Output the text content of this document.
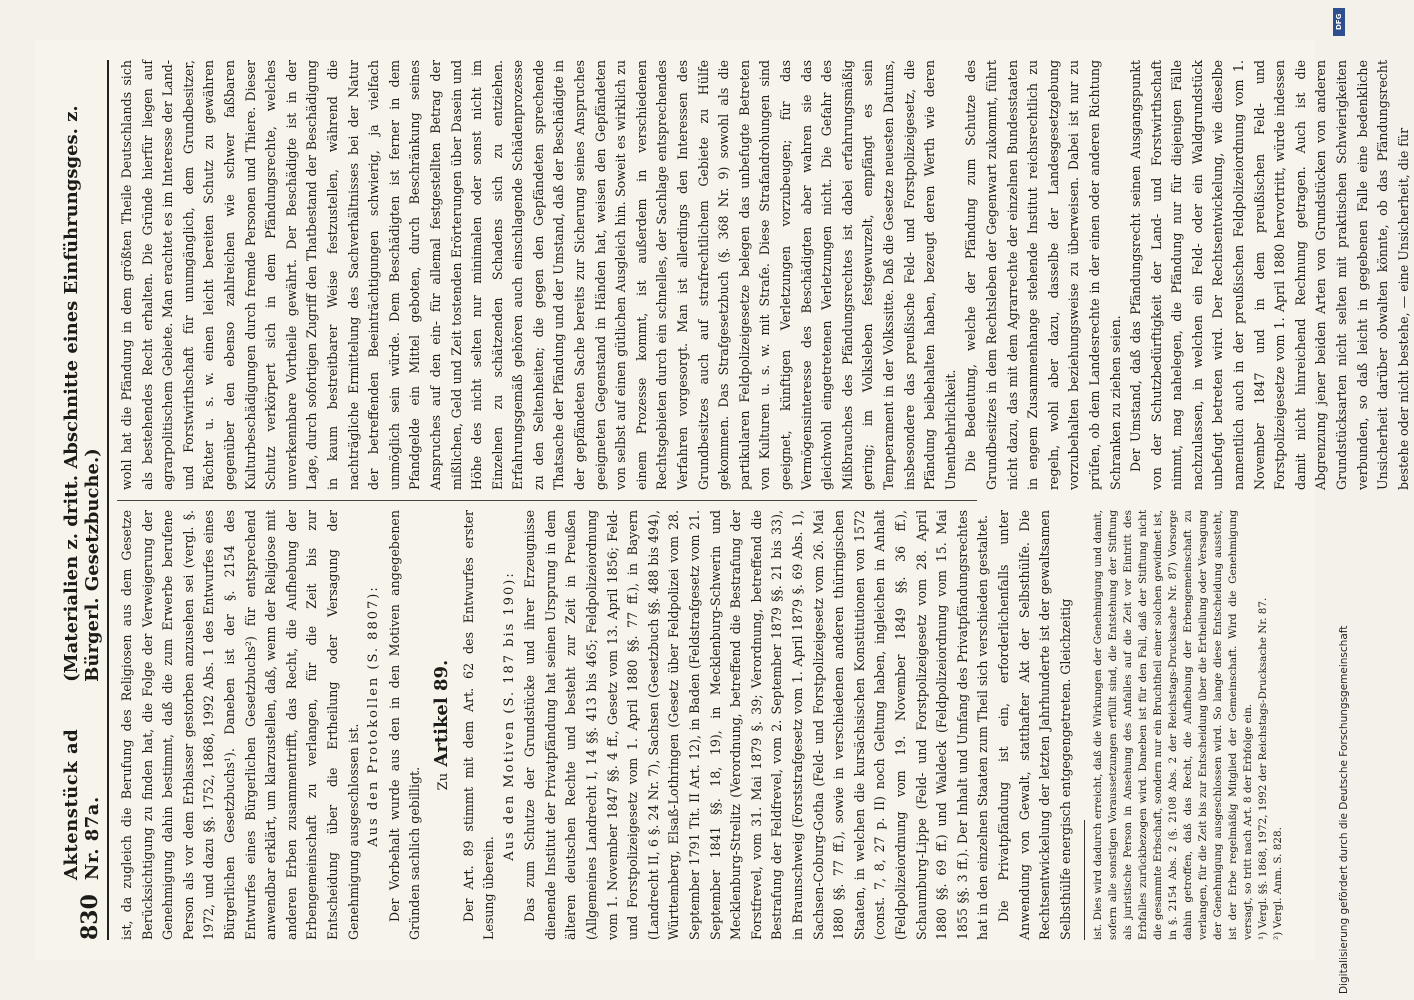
830
Aktenstück ad Nr. 87a.
(Materialien z. dritt. Abschnitte eines Einführungsges. z. Bürgerl. Gesetzbuche.) ist, da zugleich die Berufung des Religiosen aus dem Gesetze Berücksichtigung zu finden hat, die Folge der Verweigerung der Genehmigung dahin bestimmt, daß die zum Erwerbe berufene Person als vor dem Erblasser gestorben anzusehen sei (vergl. §. 1972, und dazu §§. 1752, 1868, 1992 Abs. 1 des Entwurfes eines Bürgerlichen Gesetzbuchs¹). Daneben ist der §. 2154 des Entwurfes eines Bürgerlichen Gesetzbuchs²) für entsprechend anwendbar erklärt, um klarzustellen, daß, wenn der Religiose mit anderen Erben zusammentrifft, das Recht, die Aufhebung der Erbengemeinschaft zu verlangen, für die Zeit bis zur Entscheidung über die Ertheilung oder Versagung der Genehmigung ausgeschlossen ist. Aus den Protokollen (S. 8807): Der Vorbehalt wurde aus den in den Motiven angegebenen Gründen sachlich gebilligt.	Zu Artikel 89. Der Art. 89 stimmt mit dem Art. 62 des Entwurfes erster Lesung überein.

Aus den Motiven (S. 187 bis 190): Das zum Schutze der Grundstücke und ihrer Erzeugnisse dienende Institut der Privatpfändung hat seinen Ursprung in dem älteren deutschen Rechte und besteht zur Zeit in Preußen (Allgemeines Landrecht I, 14 §§. 413 bis 465; Feldpolizeiordnung vom 1. November 1847 §§. 4 ff., Gesetz vom 13. April 1856; Feld- und Forstpolizeigesetz vom 1. April 1880 §§. 77 ff.), in Bayern (Landrecht II, 6 §. 24 Nr. 7), Sachsen (Gesetzbuch §§. 488 bis 494), Württemberg, Elsaß-Lothringen (Gesetz über Feldpolizei vom 28. September 1791 Tit. II Art. 12), in Baden (Feldstrafgesetz vom 21. September 1841 §§. 18, 19), in Mecklenburg-Schwerin und Mecklenburg-Strelitz (Verordnung, betreffend die Bestrafung der Forstfrevel, vom 31. Mai 1879 §. 39; Verordnung, betreffend die Bestrafung der Feldfrevel, vom 2. September 1879 §§. 21 bis 33), in Braunschweig (Forststrafgesetz vom 1. April 1879 §. 69 Abs. 1), Sachsen-Coburg-Gotha (Feld- und Forstpolizeigesetz vom 26. Mai 1880 §§. 77 ff.), sowie in verschiedenen anderen thüringischen Staaten, in welchen die kursächsischen Konstitutionen von 1572 (const. 7, 8, 27 p. II) noch Geltung haben, ingleichen in Anhalt (Feldpolizeiordnung vom 19. November 1849 §§. 36 ff.), Schaumburg-Lippe (Feld- und Forstpolizeigesetz vom 28. April 1880 §§. 69 ff.) und Waldeck (Feldpolizeiordnung vom 15. Mai 1855 §§. 3 ff.). Der Inhalt und Umfang des Privatpfändungsrechtes hat in den einzelnen Staaten zum Theil sich verschieden gestaltet. Die Privatpfändung ist ein, erforderlichenfalls unter Anwendung von Gewalt, statthafter Akt der Selbsthülfe. Die Rechtsentwickelung der letzten Jahrhunderte ist der gewaltsamen Selbsthülfe energisch entgegengetreten. Gleichzeitig	ist. Dies wird dadurch erreicht, daß die Wirkungen der Genehmigung und damit, sofern alle sonstigen Voraussetzungen erfüllt sind, die Entstehung der Stiftung als juristische Person in Ansehung des Anfalles auf die Zeit vor Eintritt des Erbfalles zurückbezogen wird. Daneben ist für den Fall, daß der Stiftung nicht die gesammte Erbschaft, sondern nur ein Bruchtheil einer solchen gewidmet ist, in §. 2154 Abs. 2 (§. 2108 Abs. 2 der Reichstags-Drucksache Nr. 87) Vorsorge dahin getroffen, daß das Recht, die Aufhebung der Erbengemeinschaft zu verlangen, für die Zeit bis zur Entscheidung über die Ertheilung oder Versagung der Genehmigung ausgeschlossen wird. So lange diese Entscheidung aussteht, ist der Erbe regelmäßig Mitglied der Gemeinschaft. Wird die Genehmigung versagt, so tritt nach Art. 8 der Erbfolge ein. ¹) Vergl. §§. 1868, 1972, 1992 der Reichstags-Drucksache Nr. 87. ²) Vergl. Anm. S. 828.

wohl hat die Pfändung in dem größten Theile Deutschlands sich als bestehendes Recht erhalten. Die Gründe hierfür liegen auf agrarpolitischem Gebiete. Man erachtet es im Interesse der Land- und Forstwirthschaft für unumgänglich, dem Grundbesitzer, Pächter u. s. w. einen leicht bereiten Schutz zu gewähren gegenüber den ebenso zahlreichen wie schwer faßbaren Kulturbeschädigungen durch fremde Personen und Thiere. Dieser Schutz verkörpert sich in dem Pfändungsrechte, welches unverkennbare Vortheile gewährt. Der Beschädigte ist in der Lage, durch sofortigen Zugriff den Thatbestand der Beschädigung in kaum bestreitbarer Weise festzustellen, während die nachträgliche Ermittelung des Sachverhältnisses bei der Natur der betreffenden Beeinträchtigungen schwierig, ja vielfach unmöglich sein würde. Dem Beschädigten ist ferner in dem Pfandgelde ein Mittel geboten, durch Beschränkung seines Anspruches auf den ein- für allemal festgestellten Betrag der mißlichen, Geld und Zeit tostenden Erörterungen über Dasein und Höhe des nicht selten nur minimalen oder sonst nicht im Einzelnen zu schätzenden Schadens sich zu entziehen. Erfahrungsgemäß gehören auch einschlagende Schädenprozesse zu den Seltenheiten; die gegen den Gepfändeten sprechende Thatsache der Pfändung und der Umstand, daß der Beschädigte in der gepfändeten Sache bereits zur Sicherung seines Anspruches geeigneten Gegenstand in Händen hat, weisen den Gepfändeten von selbst auf einen gütlichen Ausgleich hin. Soweit es wirklich zu einem Prozesse kommt, ist außerdem in verschiedenen Rechtsgebieten durch ein schnelles, der Sachlage entsprechendes Verfahren vorgesorgt. Man ist allerdings den Interessen des Grundbesitzes auch auf strafrechtlichem Gebiete zu Hülfe gekommen. Das Strafgesetzbuch (§. 368 Nr. 9) sowohl als die partikularen Feldpolizeigesetze belegen das unbefugte Betreten von Kulturen u. s. w. mit Strafe. Diese Strafandrohungen sind geeignet, künftigen Verletzungen vorzubeugen; für das Vermögensinteresse des Beschädigten aber wahren sie das gleichwohl eingetretenen Verletzungen nicht. Die Gefahr des Mißbrauches des Pfändungsrechtes ist dabei erfahrungsmäßig gering; im Volksleben festgewurzelt, empfängt es sein Temperament in der Volkssitte. Daß die Gesetze neuesten Datums, insbesondere das preußische Feld- und Forstpolizeigesetz, die Pfändung beibehalten haben, bezeugt deren Werth wie deren Unentbehrlichkeit. Die Bedeutung, welche der Pfändung zum Schutze des Grundbesitzes in dem Rechtsleben der Gegenwart zukommt, führt nicht dazu, das mit dem Agrarrechte der einzelnen Bundesstaaten in engem Zusammenhange stehende Institut reichsrechtlich zu regeln, wohl aber dazu, dasselbe der Landesgesetzgebung vorzubehalten beziehungsweise zu überweisen. Dabei ist nur zu prüfen, ob dem Landesrechte in der einen oder anderen Richtung Schranken zu ziehen seien. Der Umstand, daß das Pfändungsrecht seinen Ausgangspunkt von der Schutzbedürftigkeit der Land- und Forstwirthschaft nimmt, mag nahelegen, die Pfändung nur für diejenigen Fälle nachzulassen, in welchen ein Feld- oder ein Waldgrundstück unbefugt betreten wird. Der Rechtsentwickelung, wie dieselbe namentlich auch in der preußischen Feldpolizeiordnung vom 1. November 1847 und in dem preußischen Feld- und Forstpolizeigesetze vom 1. April 1880 hervortritt, würde indessen damit nicht hinreichend Rechnung getragen. Auch ist die Abgrenzung jener beiden Arten von Grundstücken von anderen Grundstücksarten nicht selten mit praktischen Schwierigkeiten verbunden, so daß leicht in gegebenen Falle eine bedenkliche Unsicherheit darüber obwalten könnte, ob das Pfändungsrecht bestehe oder nicht bestehe, — eine Unsicherheit, die für

DFG
Digitalisierung gefördert durch die Deutsche Forschungsgemeinschaft
